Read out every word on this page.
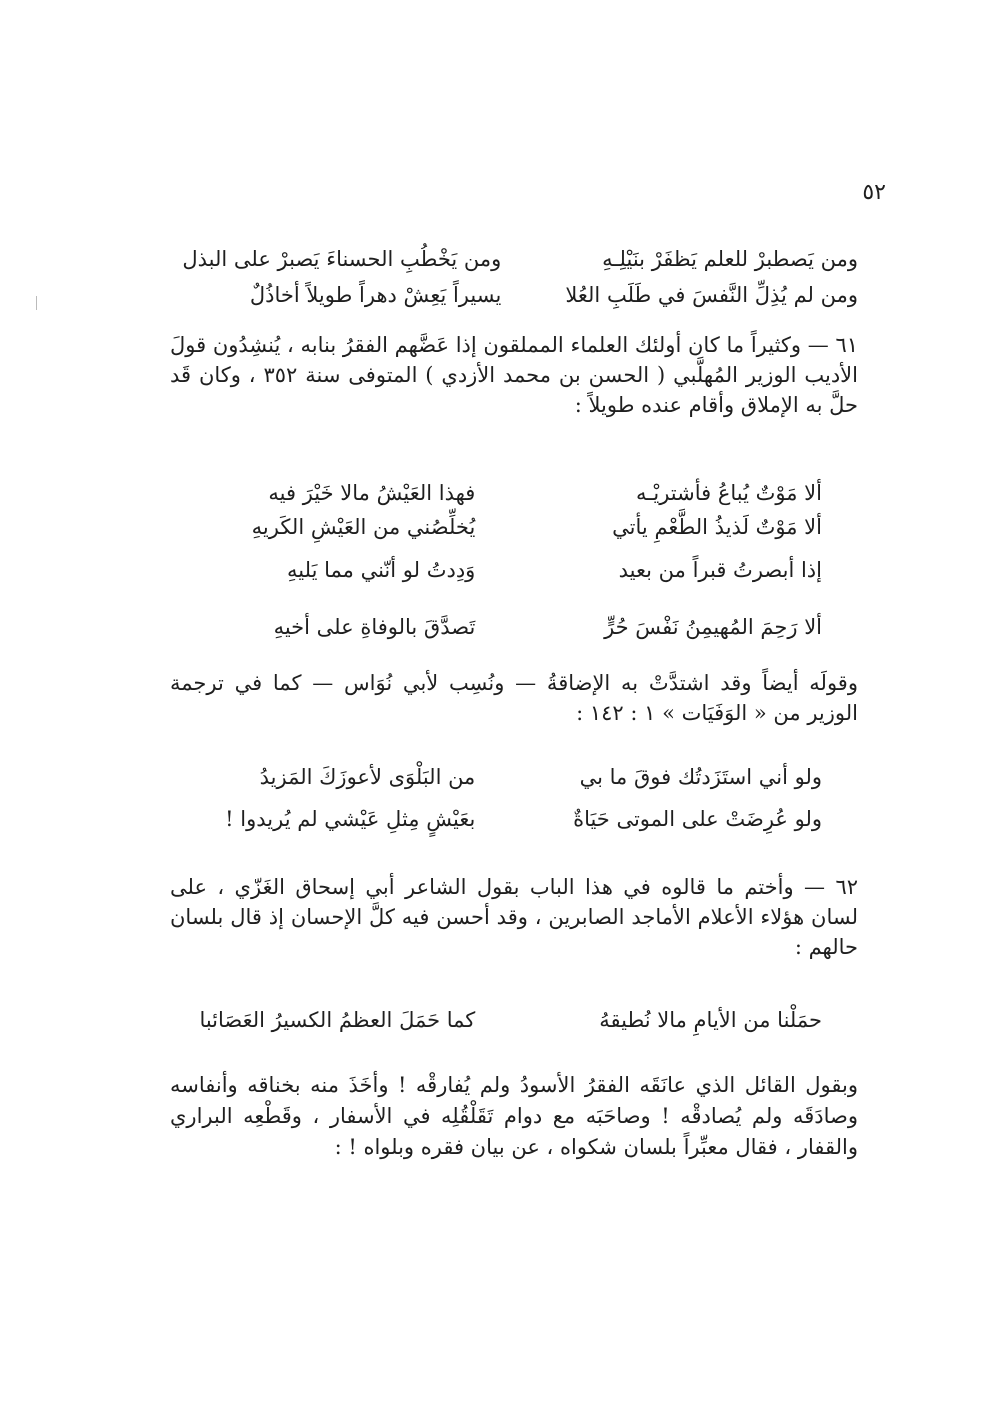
٥٢
ومن يَصطبرْ للعلم يَظفَرْ بنَيْلِـهِ ومن يَخْطُبِ الحسناءَ يَصبرْ على البذل
ومن لم يُذِلِّ النَّفسَ في طَلَبِ العُلا يسيراً يَعِشْ دهراً طويلاً أخاذُلٌ
٦١ — وكثيراً ما كان أولئك العلماء المملقون إذا عَضَّهم الفقرُ بنابه ، يُنشِدُون قولَ الأديب الوزير المُهلَّبي ( الحسن بن محمد الأزدي ) المتوفى سنة ٣٥٢ ، وكان قَد حلَّ به الإملاق وأقام عنده طويلاً :
ألا مَوْتٌ يُباعُ فأشتريْـه فهذا العَيْشُ مالا خَيْرَ فيه
ألا مَوْتٌ لَذيذُ الطَّعْمِ يأتي يُخلِّصُني من العَيْشِ الكَريهِ
إذا أبصرتُ قبراً من بعيد وَدِدتُ لو أنّني مما يَليهِ
ألا رَحِمَ المُهيمِنُ نَفْسَ حُرٍّ تَصدَّقَ بالوفاةِ على أخيهِ
وقولَه أيضاً وقد اشتدَّتْ به الإضاقةُ — ونُسِب لأبي نُوَاس — كما في ترجمة الوزير من « الوَفَيَات » ١ : ١٤٢ :
ولو أني استَزَدتُك فوقَ ما بي من البَلْوَى لأعوزَكَ المَزيدُ
ولو عُرِضَتْ على الموتى حَيَاةٌ بعَيْشٍ مِثلِ عَيْشي لم يُريدوا !
٦٢ — وأختم ما قالوه في هذا الباب بقول الشاعر أبي إسحاق الغَزّي ، على لسان هؤلاء الأعلام الأماجد الصابرين ، وقد أحسن فيه كلَّ الإحسان إذ قال بلسان حالهم :
حمَلْنا من الأيامِ مالا نُطيقهُ كما حَمَلَ العظمُ الكسيرُ العَصَائبا
وبقول القائل الذي عانَقَه الفقرُ الأسودُ ولم يُفارقْه ! وأخَذَ منه بخناقه وأنفاسه وصادَقَه ولم يُصادقْه ! وصاحَبَه مع دوام تَقَلْقُلِه في الأسفار ، وقَطْعِه البراري والقفار ، فقال معبِّراً بلسان شكواه ، عن بيان فقره وبلواه ! :
